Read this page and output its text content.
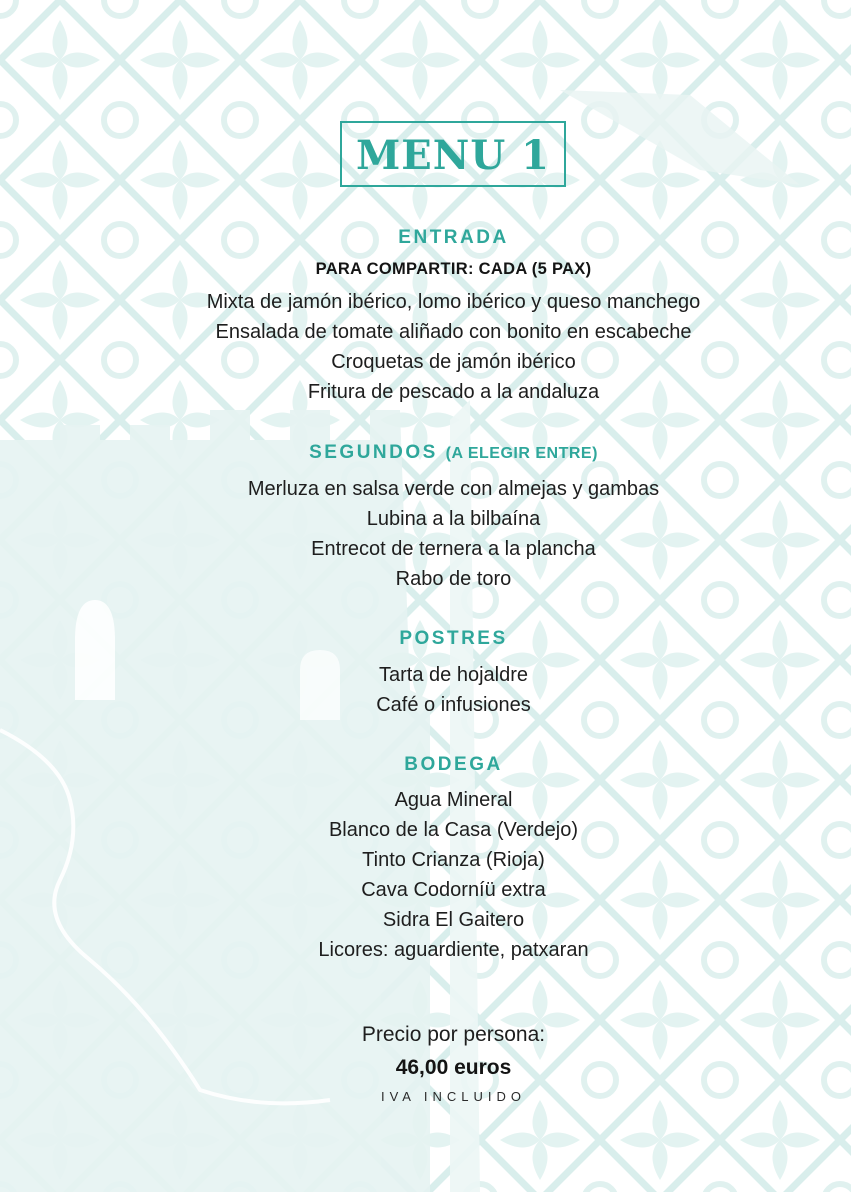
MENU 1
ENTRADA
PARA COMPARTIR: CADA (5 PAX)
Mixta de jamón ibérico, lomo ibérico y queso manchego
Ensalada de tomate aliñado con bonito en escabeche
Croquetas de jamón ibérico
Fritura de pescado a la andaluza
SEGUNDOS (A ELEGIR ENTRE)
Merluza en salsa verde con almejas y gambas
Lubina a la bilbaína
Entrecot de ternera a la plancha
Rabo de toro
POSTRES
Tarta de hojaldre
Café o infusiones
BODEGA
Agua Mineral
Blanco de la Casa (Verdejo)
Tinto Crianza (Rioja)
Cava Codorníü extra
Sidra El Gaitero
Licores: aguardiente, patxaran
Precio por persona:
46,00 euros
IVA INCLUIDO
